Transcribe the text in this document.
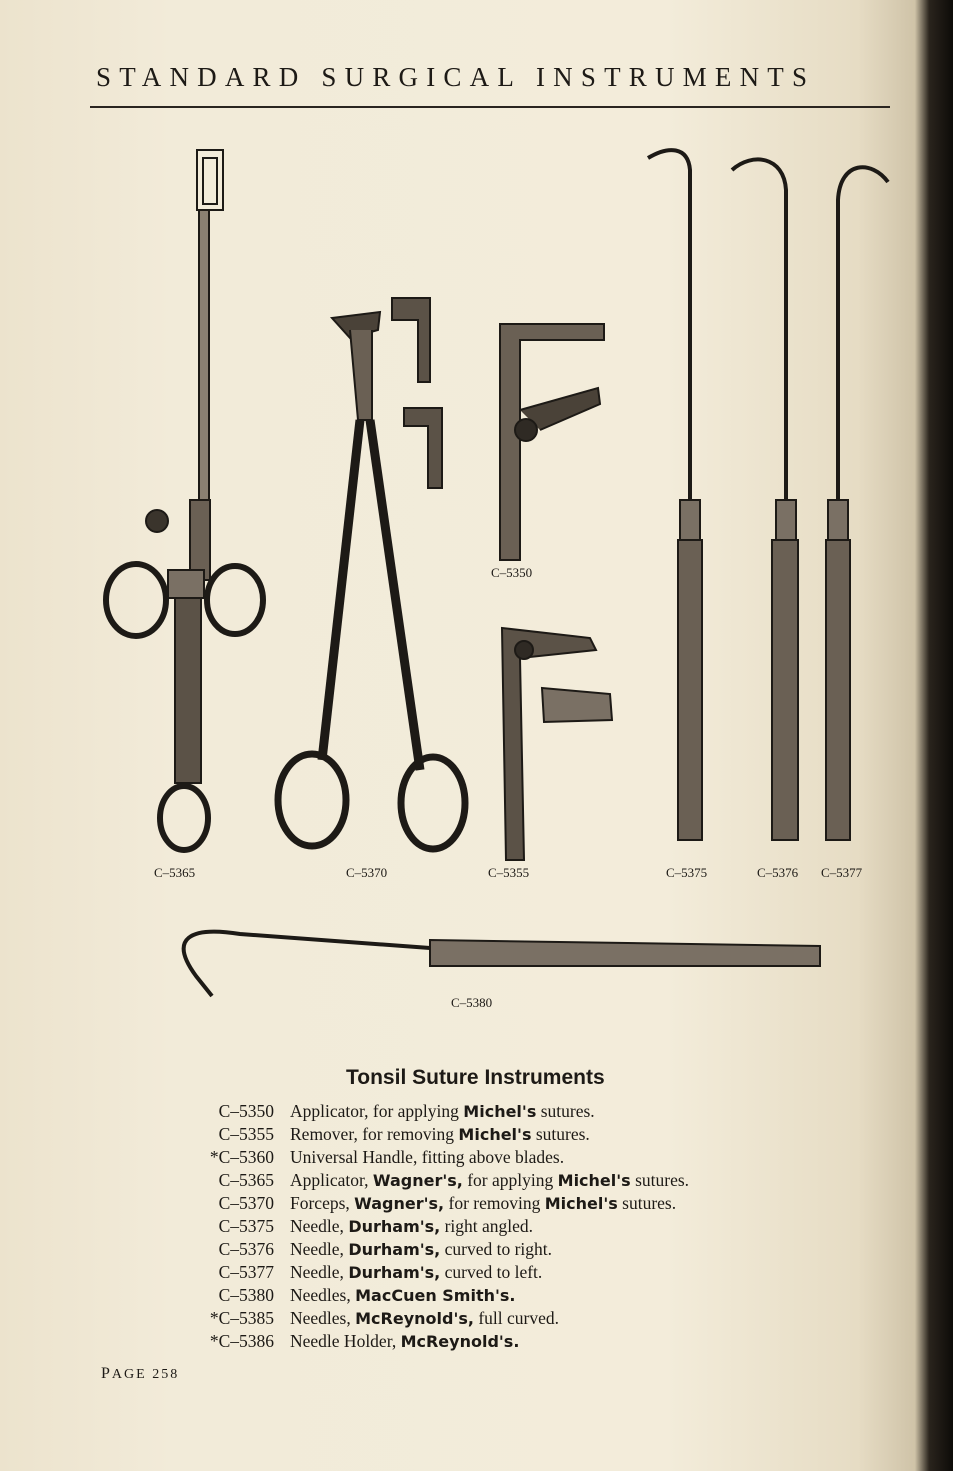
STANDARD SURGICAL INSTRUMENTS
C–5365	C–5370
C–5350
C–5355	C–5375	C–5376 C–5377
C–5380
Tonsil Suture Instruments
C–5350 Applicator, for applying Michel's sutures.
C–5355 Remover, for removing Michel's sutures.
*C–5360 Universal Handle, fitting above blades.
C–5365 Applicator, Wagner's, for applying Michel's sutures.
C–5370 Forceps, Wagner's, for removing Michel's sutures.
C–5375 Needle, Durham's, right angled.
C–5376 Needle, Durham's, curved to right.
C–5377 Needle, Durham's, curved to left.
C–5380 Needles, MacCuen Smith's.
*C–5385 Needles, McReynold's, full curved.
*C–5386 Needle Holder, McReynold's.
PAGE 258
